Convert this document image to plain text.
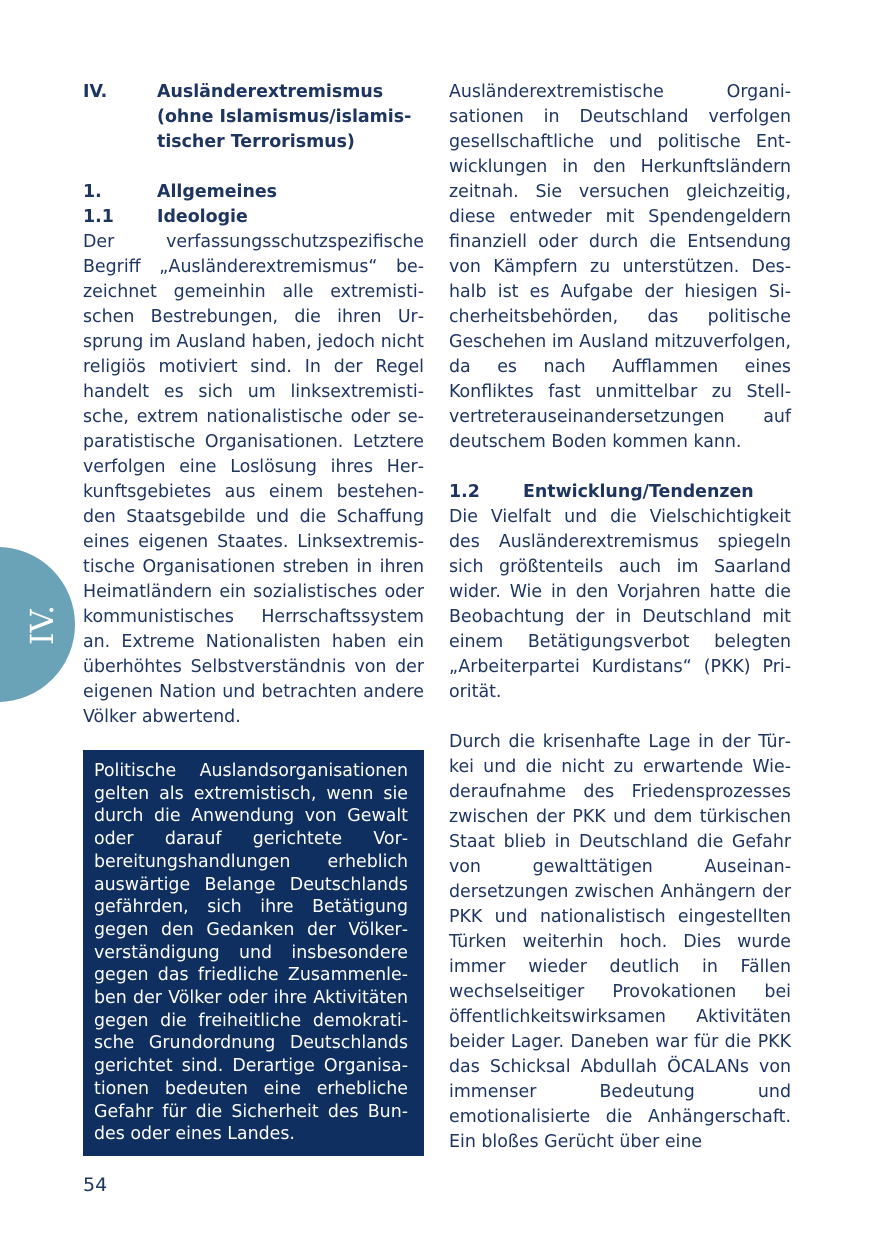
IV.
IV.	Ausländerextremismus (ohne Islamismus/islamistischer Terrorismus)
1.	Allgemeines
1.1	Ideologie

Der verfassungsschutzspezifische Begriff „Ausländerextremismus“ bezeichnet gemeinhin alle extremistischen Bestrebungen, die ihren Ursprung im Ausland haben, jedoch nicht religiös motiviert sind. In der Regel handelt es sich um linksextremistische, extrem nationalistische oder separatistische Organisationen. Letztere verfolgen eine Loslösung ihres Herkunftsgebietes aus einem bestehenden Staatsgebilde und die Schaffung eines eigenen Staates. Linksextremistische Organisationen streben in ihren Heimatländern ein sozialistisches oder kommunistisches Herrschaftssystem an. Extreme Nationalisten haben ein überhöhtes Selbstverständnis von der eigenen Nation und betrachten andere Völker abwertend.

Politische Auslandsorganisationen gelten als extremistisch, wenn sie durch die Anwendung von Gewalt oder darauf gerichtete Vorbereitungshandlungen erheblich auswärtige Belange Deutschlands gefährden, sich ihre Betätigung gegen den Gedanken der Völkerverständigung und insbesondere gegen das friedliche Zusammenleben der Völker oder ihre Aktivitäten gegen die freiheitliche demokratische Grundordnung Deutschlands gerichtet sind. Derartige Organisationen bedeuten eine erhebliche Gefahr für die Sicherheit des Bundes oder eines Landes.

Ausländerextremistische Organisationen in Deutschland verfolgen gesellschaftliche und politische Entwicklungen in den Herkunftsländern zeitnah. Sie versuchen gleichzeitig, diese entweder mit Spendengeldern finanziell oder durch die Entsendung von Kämpfern zu unterstützen. Deshalb ist es Aufgabe der hiesigen Sicherheitsbehörden, das politische Geschehen im Ausland mitzuverfolgen, da es nach Aufflammen eines Konfliktes fast unmittelbar zu Stellvertreterauseinandersetzungen auf deutschem Boden kommen kann.

1.2	Entwicklung/Tendenzen

Die Vielfalt und die Vielschichtigkeit des Ausländerextremismus spiegeln sich größtenteils auch im Saarland wider. Wie in den Vorjahren hatte die Beobachtung der in Deutschland mit einem Betätigungsverbot belegten „Arbeiterpartei Kurdistans“ (PKK) Priorität.

Durch die krisenhafte Lage in der Türkei und die nicht zu erwartende Wiederaufnahme des Friedensprozesses zwischen der PKK und dem türkischen Staat blieb in Deutschland die Gefahr von gewalttätigen Auseinandersetzungen zwischen Anhängern der PKK und nationalistisch eingestellten Türken weiterhin hoch. Dies wurde immer wieder deutlich in Fällen wechselseitiger Provokationen bei öffentlichkeitswirksamen Aktivitäten beider Lager. Daneben war für die PKK das Schicksal Abdullah ÖCALANs von immenser Bedeutung und emotionalisierte die Anhängerschaft. Ein bloßes Gerücht über eine

54
